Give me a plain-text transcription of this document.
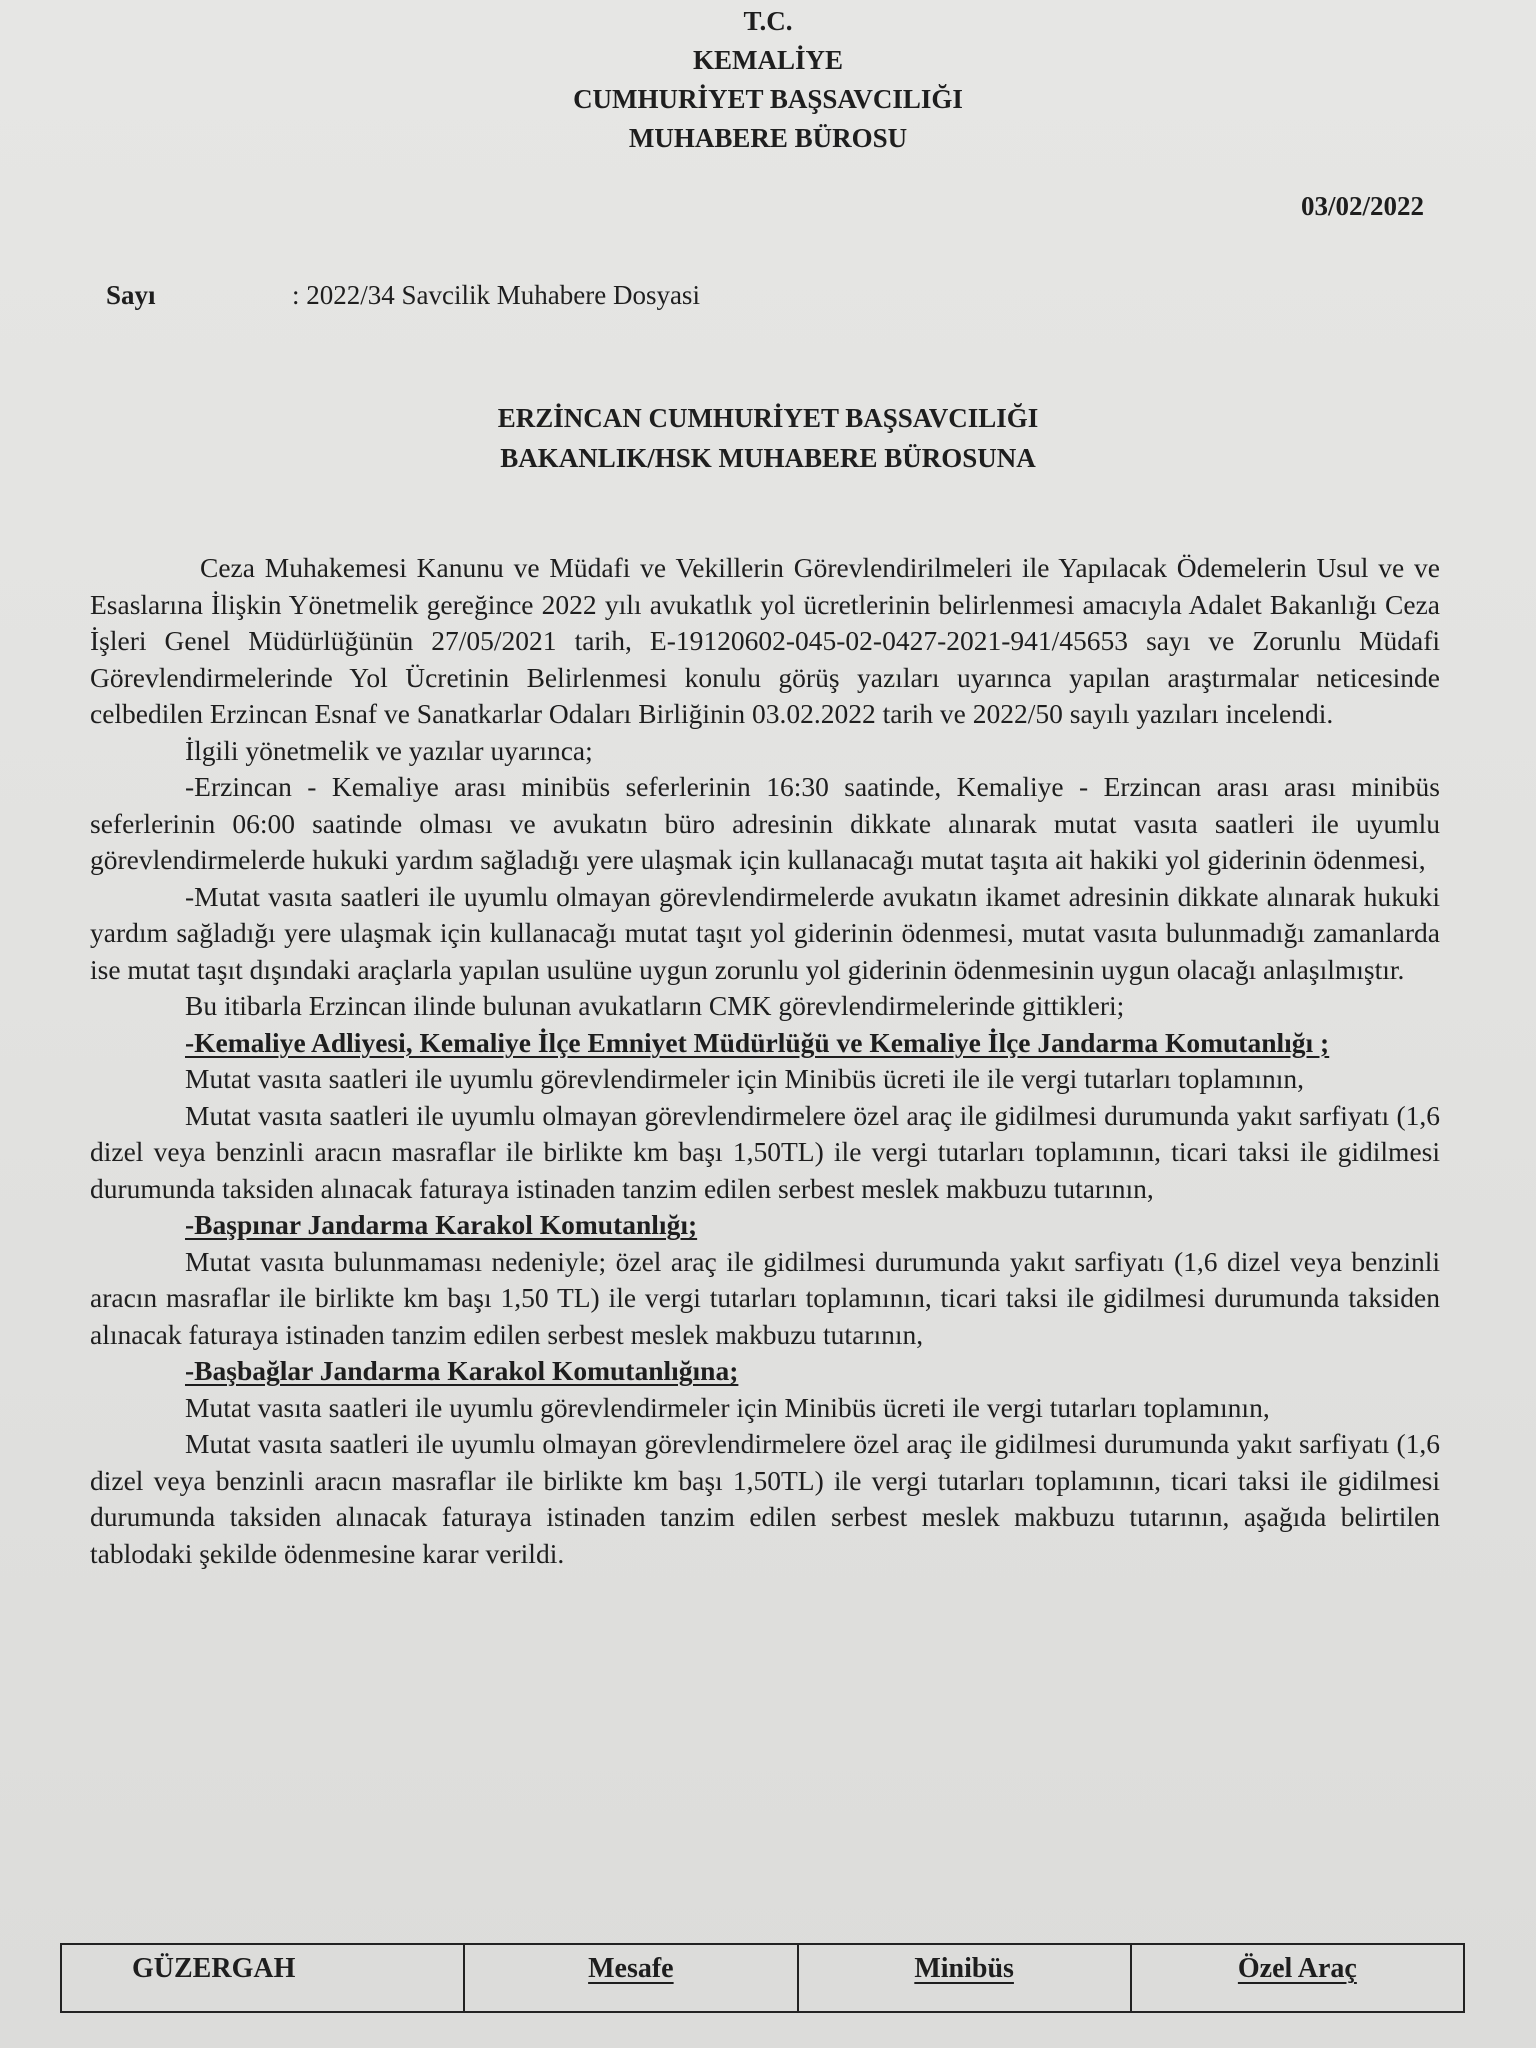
T.C.
KEMALİYE
CUMHURİYET BAŞSAVCILIĞI
MUHABERE BÜROSU
03/02/2022
Sayı	: 2022/34 Savcilik Muhabere Dosyasi
ERZİNCAN CUMHURİYET BAŞSAVCILIĞI
BAKANLIK/HSK MUHABERE BÜROSUNA

Ceza Muhakemesi Kanunu ve Müdafi ve Vekillerin Görevlendirilmeleri ile Yapılacak Ödemelerin Usul ve ve Esaslarına İlişkin Yönetmelik gereğince 2022 yılı avukatlık yol ücretlerinin belirlenmesi amacıyla Adalet Bakanlığı Ceza İşleri Genel Müdürlüğünün 27/05/2021 tarih, E-19120602-045-02-0427-2021-941/45653 sayı ve Zorunlu Müdafi Görevlendirmelerinde Yol Ücretinin Belirlenmesi konulu görüş yazıları uyarınca yapılan araştırmalar neticesinde celbedilen Erzincan Esnaf ve Sanatkarlar Odaları Birliğinin 03.02.2022 tarih ve 2022/50 sayılı yazıları incelendi.

İlgili yönetmelik ve yazılar uyarınca;

-Erzincan - Kemaliye arası minibüs seferlerinin 16:30 saatinde, Kemaliye - Erzincan arası arası minibüs seferlerinin 06:00 saatinde olması ve avukatın büro adresinin dikkate alınarak mutat vasıta saatleri ile uyumlu görevlendirmelerde hukuki yardım sağladığı yere ulaşmak için kullanacağı mutat taşıta ait hakiki yol giderinin ödenmesi,

-Mutat vasıta saatleri ile uyumlu olmayan görevlendirmelerde avukatın ikamet adresinin dikkate alınarak hukuki yardım sağladığı yere ulaşmak için kullanacağı mutat taşıt yol giderinin ödenmesi, mutat vasıta bulunmadığı zamanlarda ise mutat taşıt dışındaki araçlarla yapılan usulüne uygun zorunlu yol giderinin ödenmesinin uygun olacağı anlaşılmıştır.

Bu itibarla Erzincan ilinde bulunan avukatların CMK görevlendirmelerinde gittikleri;

-Kemaliye Adliyesi, Kemaliye İlçe Emniyet Müdürlüğü ve Kemaliye İlçe Jandarma Komutanlığı ;

Mutat vasıta saatleri ile uyumlu görevlendirmeler için Minibüs ücreti ile ile vergi tutarları toplamının,

Mutat vasıta saatleri ile uyumlu olmayan görevlendirmelere özel araç ile gidilmesi durumunda yakıt sarfiyatı (1,6 dizel veya benzinli aracın masraflar ile birlikte km başı 1,50TL) ile vergi tutarları toplamının, ticari taksi ile gidilmesi durumunda taksiden alınacak faturaya istinaden tanzim edilen serbest meslek makbuzu tutarının,

-Başpınar Jandarma Karakol Komutanlığı;

Mutat vasıta bulunmaması nedeniyle; özel araç ile gidilmesi durumunda yakıt sarfiyatı (1,6 dizel veya benzinli aracın masraflar ile birlikte km başı 1,50 TL) ile vergi tutarları toplamının, ticari taksi ile gidilmesi durumunda taksiden alınacak faturaya istinaden tanzim edilen serbest meslek makbuzu tutarının,

-Başbağlar Jandarma Karakol Komutanlığına;

Mutat vasıta saatleri ile uyumlu görevlendirmeler için Minibüs ücreti ile vergi tutarları toplamının,

Mutat vasıta saatleri ile uyumlu olmayan görevlendirmelere özel araç ile gidilmesi durumunda yakıt sarfiyatı (1,6 dizel veya benzinli aracın masraflar ile birlikte km başı 1,50TL) ile vergi tutarları toplamının, ticari taksi ile gidilmesi durumunda taksiden alınacak faturaya istinaden tanzim edilen serbest meslek makbuzu tutarının, aşağıda belirtilen tablodaki şekilde ödenmesine karar verildi.

GÜZERGAH	Mesafe	Minibüs	Özel Araç
